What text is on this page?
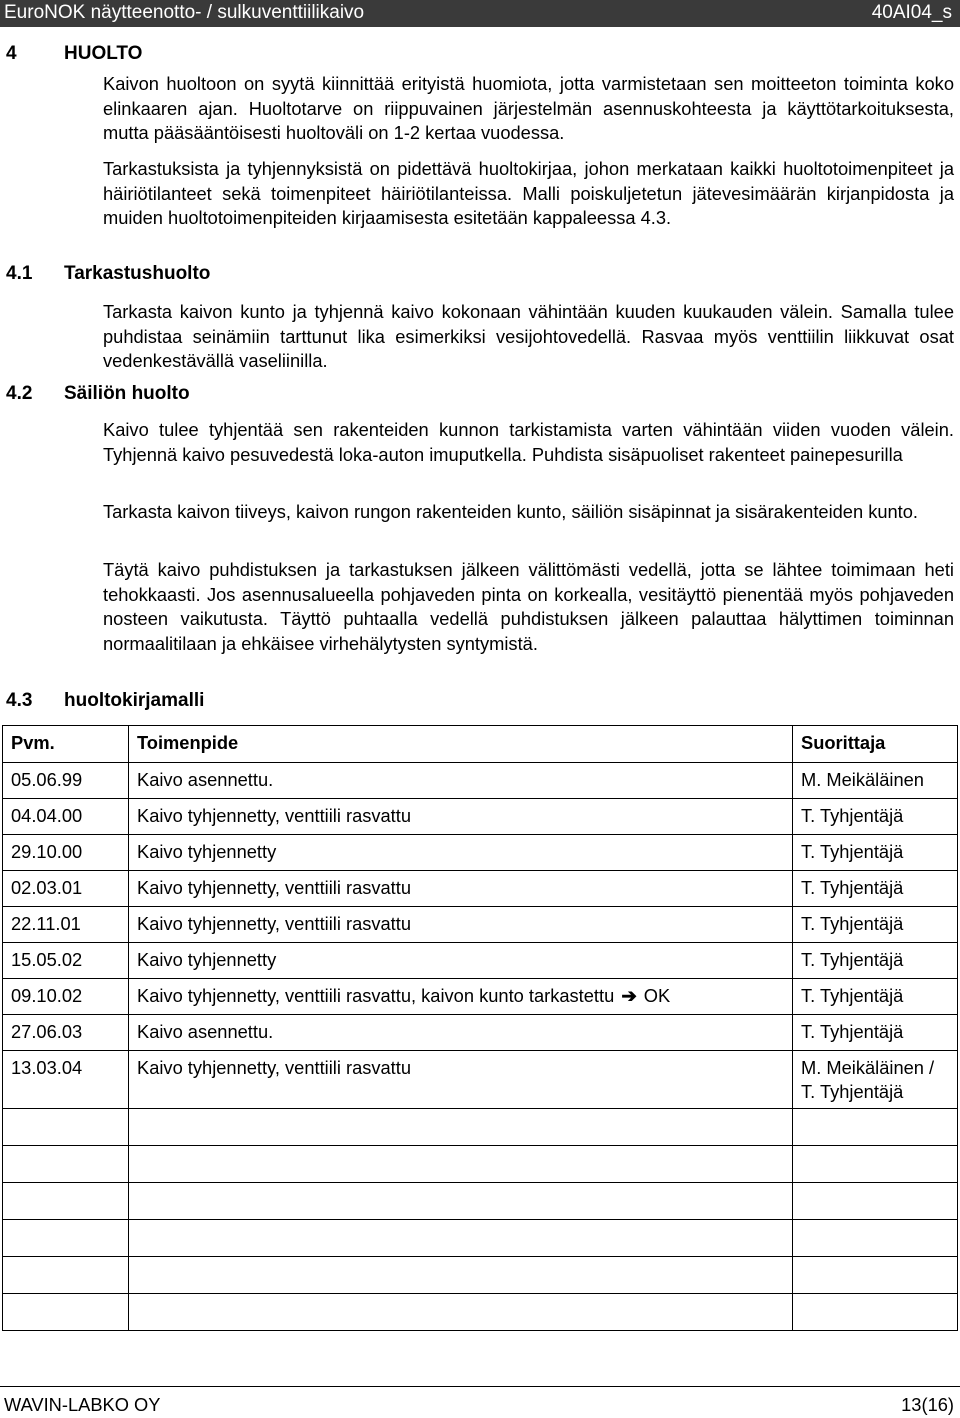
EuroNOK näytteenotto- / sulkuventtiilikaivo	40AI04_s
4 HUOLTO
Kaivon huoltoon on syytä kiinnittää erityistä huomiota, jotta varmistetaan sen moitteeton toiminta koko elinkaaren ajan. Huoltotarve on riippuvainen järjestelmän asennuskohteesta ja käyttötarkoituksesta, mutta pääsääntöisesti huoltoväli on 1-2 kertaa vuodessa.
Tarkastuksista ja tyhjennyksistä on pidettävä huoltokirjaa, johon merkataan kaikki huoltotoimenpiteet ja häiriötilanteet sekä toimenpiteet häiriötilanteissa. Malli poiskuljetetun jätevesimäärän kirjanpidosta ja muiden huoltotoimenpiteiden kirjaamisesta esitetään kappaleessa 4.3.
4.1 Tarkastushuolto
Tarkasta kaivon kunto ja tyhjennä kaivo kokonaan vähintään kuuden kuukauden välein. Samalla tulee puhdistaa seinämiin tarttunut lika esimerkiksi vesijohtovedellä. Rasvaa myös venttiilin liikkuvat osat vedenkestävällä vaseliinilla.
4.2 Säiliön huolto
Kaivo tulee tyhjentää sen rakenteiden kunnon tarkistamista varten vähintään viiden vuoden välein. Tyhjennä kaivo pesuvedestä loka-auton imuputkella. Puhdista sisäpuoliset rakenteet painepesurilla
Tarkasta kaivon tiiveys, kaivon rungon rakenteiden kunto, säiliön sisäpinnat ja sisärakenteiden kunto.
Täytä kaivo puhdistuksen ja tarkastuksen jälkeen välittömästi vedellä, jotta se lähtee toimimaan heti tehokkaasti. Jos asennusalueella pohjaveden pinta on korkealla, vesitäyttö pienentää myös pohjaveden nosteen vaikutusta. Täyttö puhtaalla vedellä puhdistuksen jälkeen palauttaa hälyttimen toiminnan normaalitilaan ja ehkäisee virhehälytysten syntymistä.
4.3 huoltokirjamalli
Pvm.	Toimenpide	Suorittaja
05.06.99	Kaivo asennettu.	M. Meikäläinen
04.04.00	Kaivo tyhjennetty, venttiili rasvattu	T. Tyhjentäjä
29.10.00	Kaivo tyhjennetty	T. Tyhjentäjä
02.03.01	Kaivo tyhjennetty, venttiili rasvattu	T. Tyhjentäjä
22.11.01	Kaivo tyhjennetty, venttiili rasvattu	T. Tyhjentäjä
15.05.02	Kaivo tyhjennetty	T. Tyhjentäjä
09.10.02	Kaivo tyhjennetty, venttiili rasvattu, kaivon kunto tarkastettu ➔ OK	T. Tyhjentäjä
27.06.03	Kaivo asennettu.	T. Tyhjentäjä
13.03.04	Kaivo tyhjennetty, venttiili rasvattu	M. Meikäläinen / T. Tyhjentäjä

WAVIN-LABKO OY	13(16)
